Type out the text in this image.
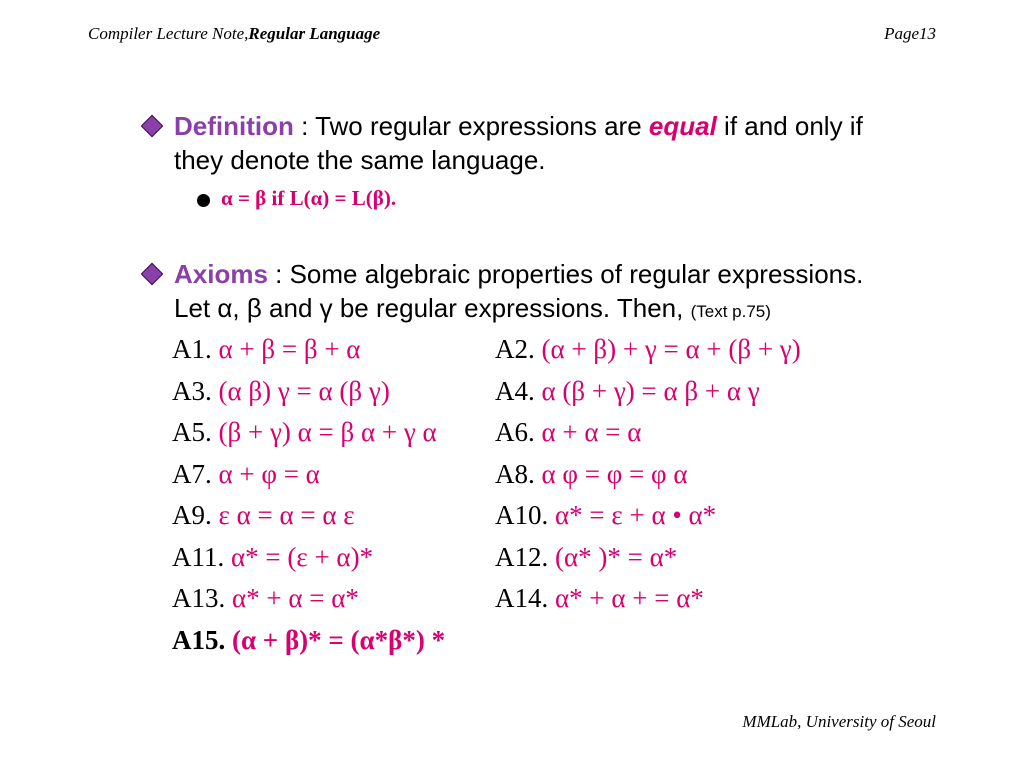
Compiler Lecture Note,Regular Language	Page13
Definition : Two regular expressions are equal if and only if
they denote the same language.
α = β if L(α) = L(β).
Axioms : Some algebraic properties of regular expressions.
Let α, β and γ be regular expressions. Then, (Text p.75)
A1. α + β = β + α	A2. (α + β) + γ = α + (β + γ)
A3. (α β) γ = α (β γ)	A4. α (β + γ) = α β + α γ
A5. (β + γ) α = β α + γ α A6. α + α = α
A7. α + φ = α	A8. α φ = φ = φ α
A9. ε α = α = α ε	A10. α* = ε + α • α*
A11. α* = (ε + α)*	A12. (α* )* = α*
A13. α* + α = α*	A14. α* + α + = α*
A15. (α + β)* = (α*β*) *
MMLab, University of Seoul
